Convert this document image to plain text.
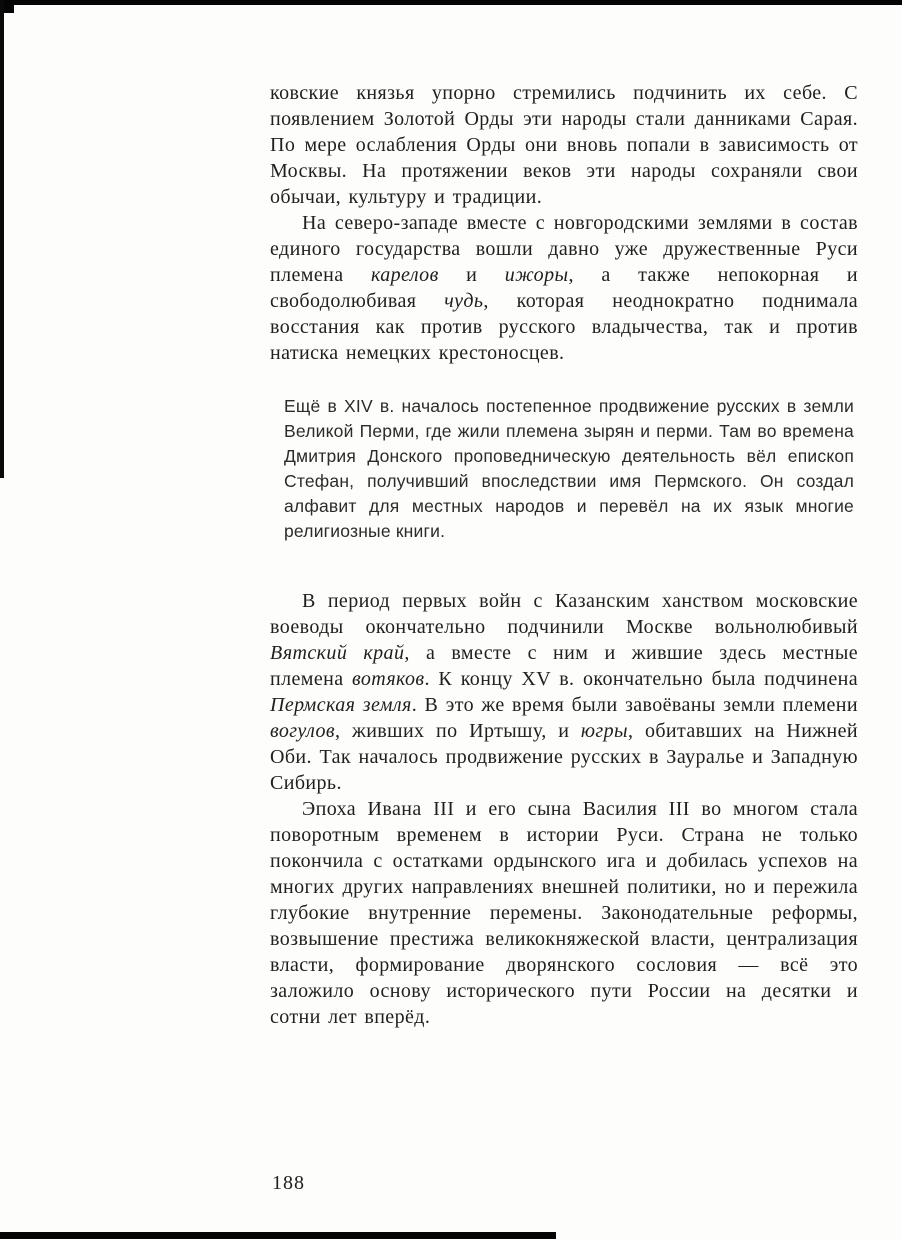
ковские князья упорно стремились подчинить их себе. С появлением Золотой Орды эти народы стали данниками Сарая. По мере ослабления Орды они вновь попали в зависимость от Москвы. На протяжении веков эти народы сохраняли свои обычаи, культуру и традиции.

На северо-западе вместе с новгородскими землями в состав единого государства вошли давно уже дружественные Руси племена карелов и ижоры, а также непокорная и свободолюбивая чудь, которая неоднократно поднимала восстания как против русского владычества, так и против натиска немецких крестоносцев.

Ещё в XIV в. началось постепенное продвижение русских в земли Великой Перми, где жили племена зырян и перми. Там во времена Дмитрия Донского проповедническую деятельность вёл епископ Стефан, получивший впоследствии имя Пермского. Он создал алфавит для местных народов и перевёл на их язык многие религиозные книги.

В период первых войн с Казанским ханством московские воеводы окончательно подчинили Москве вольнолюбивый Вятский край, а вместе с ним и жившие здесь местные племена вотяков. К концу XV в. окончательно была подчинена Пермская земля. В это же время были завоёваны земли племени вогулов, живших по Иртышу, и югры, обитавших на Нижней Оби. Так началось продвижение русских в Зауралье и Западную Сибирь.

Эпоха Ивана III и его сына Василия III во многом стала поворотным временем в истории Руси. Страна не только покончила с остатками ордынского ига и добилась успехов на многих других направлениях внешней политики, но и пережила глубокие внутренние перемены. Законодательные реформы, возвышение престижа великокняжеской власти, централизация власти, формирование дворянского сословия — всё это заложило основу исторического пути России на десятки и сотни лет вперёд.

188
